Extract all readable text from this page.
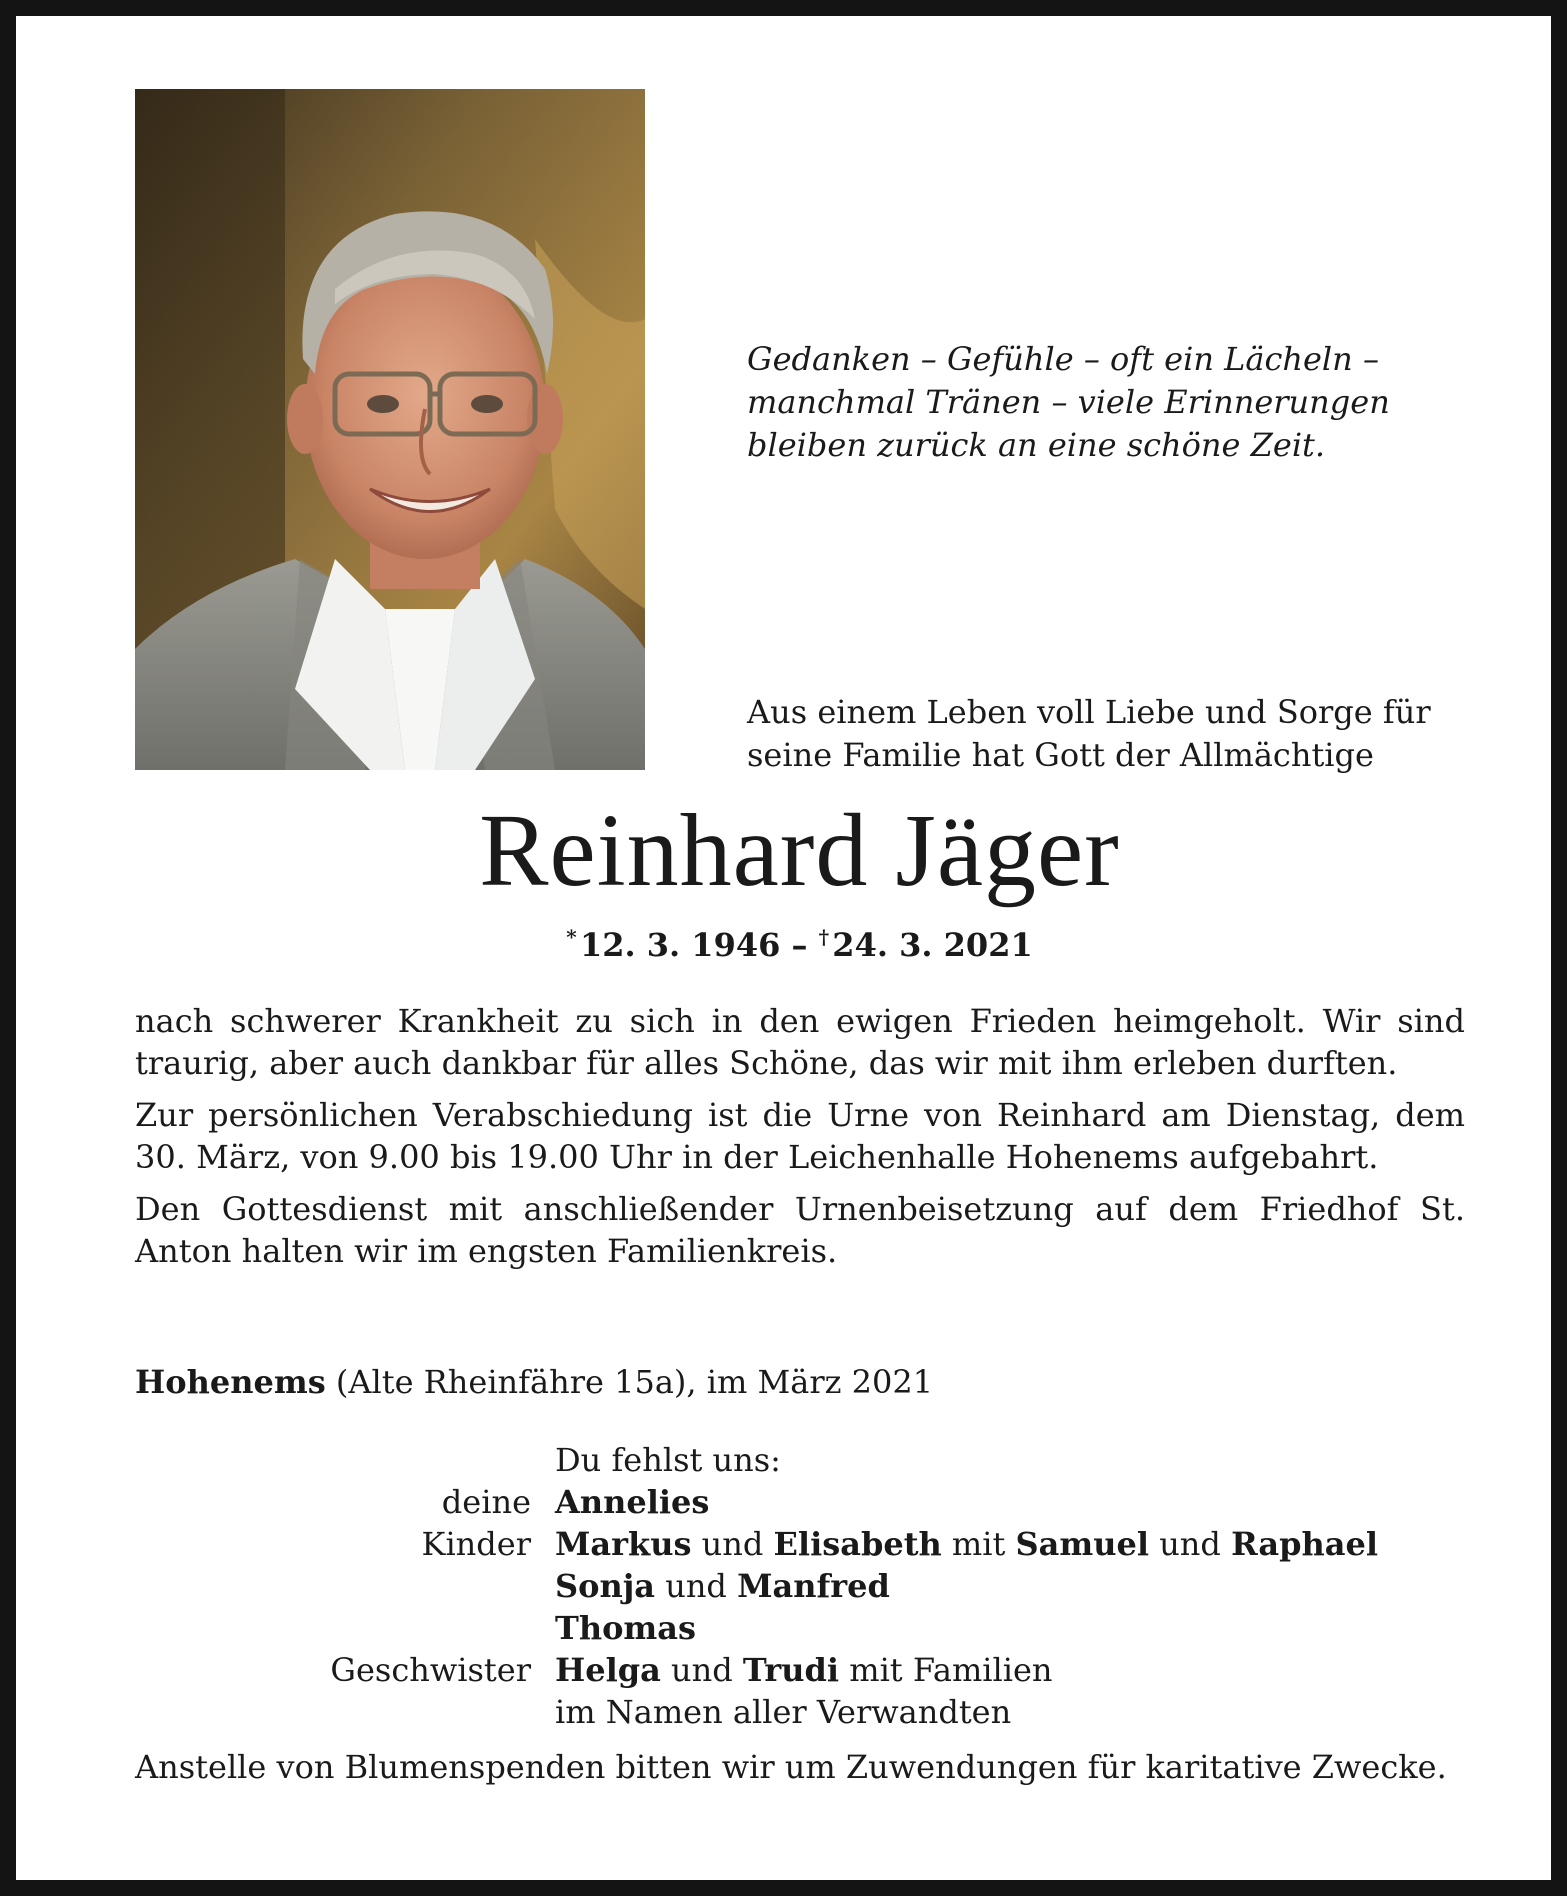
Gedanken – Gefühle – oft ein Lächeln –
manchmal Tränen – viele Erinnerungen
bleiben zurück an eine schöne Zeit.

Aus einem Leben voll Liebe und Sorge für
seine Familie hat Gott der Allmächtige

Reinhard Jäger

* 12. 3. 1946 – † 24. 3. 2021

nach schwerer Krankheit zu sich in den ewigen Frieden heimgeholt. Wir sind traurig, aber auch dankbar für alles Schöne, das wir mit ihm erleben durften.

Zur persönlichen Verabschiedung ist die Urne von Reinhard am Dienstag, dem 30. März, von 9.00 bis 19.00 Uhr in der Leichenhalle Hohenems aufgebahrt.

Den Gottesdienst mit anschließender Urnenbeisetzung auf dem Friedhof St. Anton halten wir im engsten Familienkreis.

Hohenems (Alte Rheinfähre 15a), im März 2021

Du fehlst uns:
deine Annelies
Kinder Markus und Elisabeth mit Samuel und Raphael
Sonja und Manfred
Thomas
Geschwister Helga und Trudi mit Familien
im Namen aller Verwandten

Anstelle von Blumenspenden bitten wir um Zuwendungen für karitative Zwecke.
